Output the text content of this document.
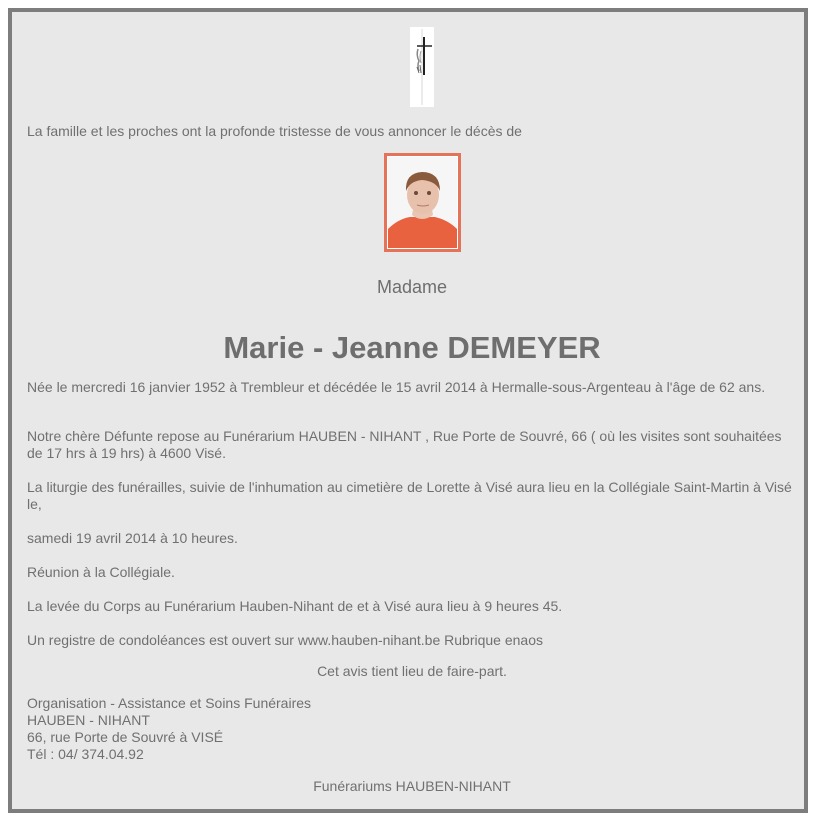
La famille et les proches ont la profonde tristesse de vous annoncer le décès de
Madame
Marie - Jeanne DEMEYER
Née le mercredi 16 janvier 1952 à Trembleur et décédée le 15 avril 2014 à Hermalle-sous-Argenteau à l'âge de 62 ans.
Notre chère Défunte repose au Funérarium HAUBEN - NIHANT , Rue Porte de Souvré, 66 ( où les visites sont souhaitées de 17 hrs à 19 hrs) à 4600 Visé.
La liturgie des funérailles, suivie de l'inhumation au cimetière de Lorette à Visé aura lieu en la Collégiale Saint-Martin à Visé le,
samedi 19 avril 2014 à 10 heures.
Réunion à la Collégiale.
La levée du Corps au Funérarium Hauben-Nihant de et à Visé aura lieu à 9 heures 45.
Un registre de condoléances est ouvert sur www.hauben-nihant.be Rubrique enaos
Cet avis tient lieu de faire-part.
Organisation - Assistance et Soins Funéraires
HAUBEN - NIHANT
66, rue Porte de Souvré à VISÉ
Tél : 04/ 374.04.92
Funérariums HAUBEN-NIHANT
